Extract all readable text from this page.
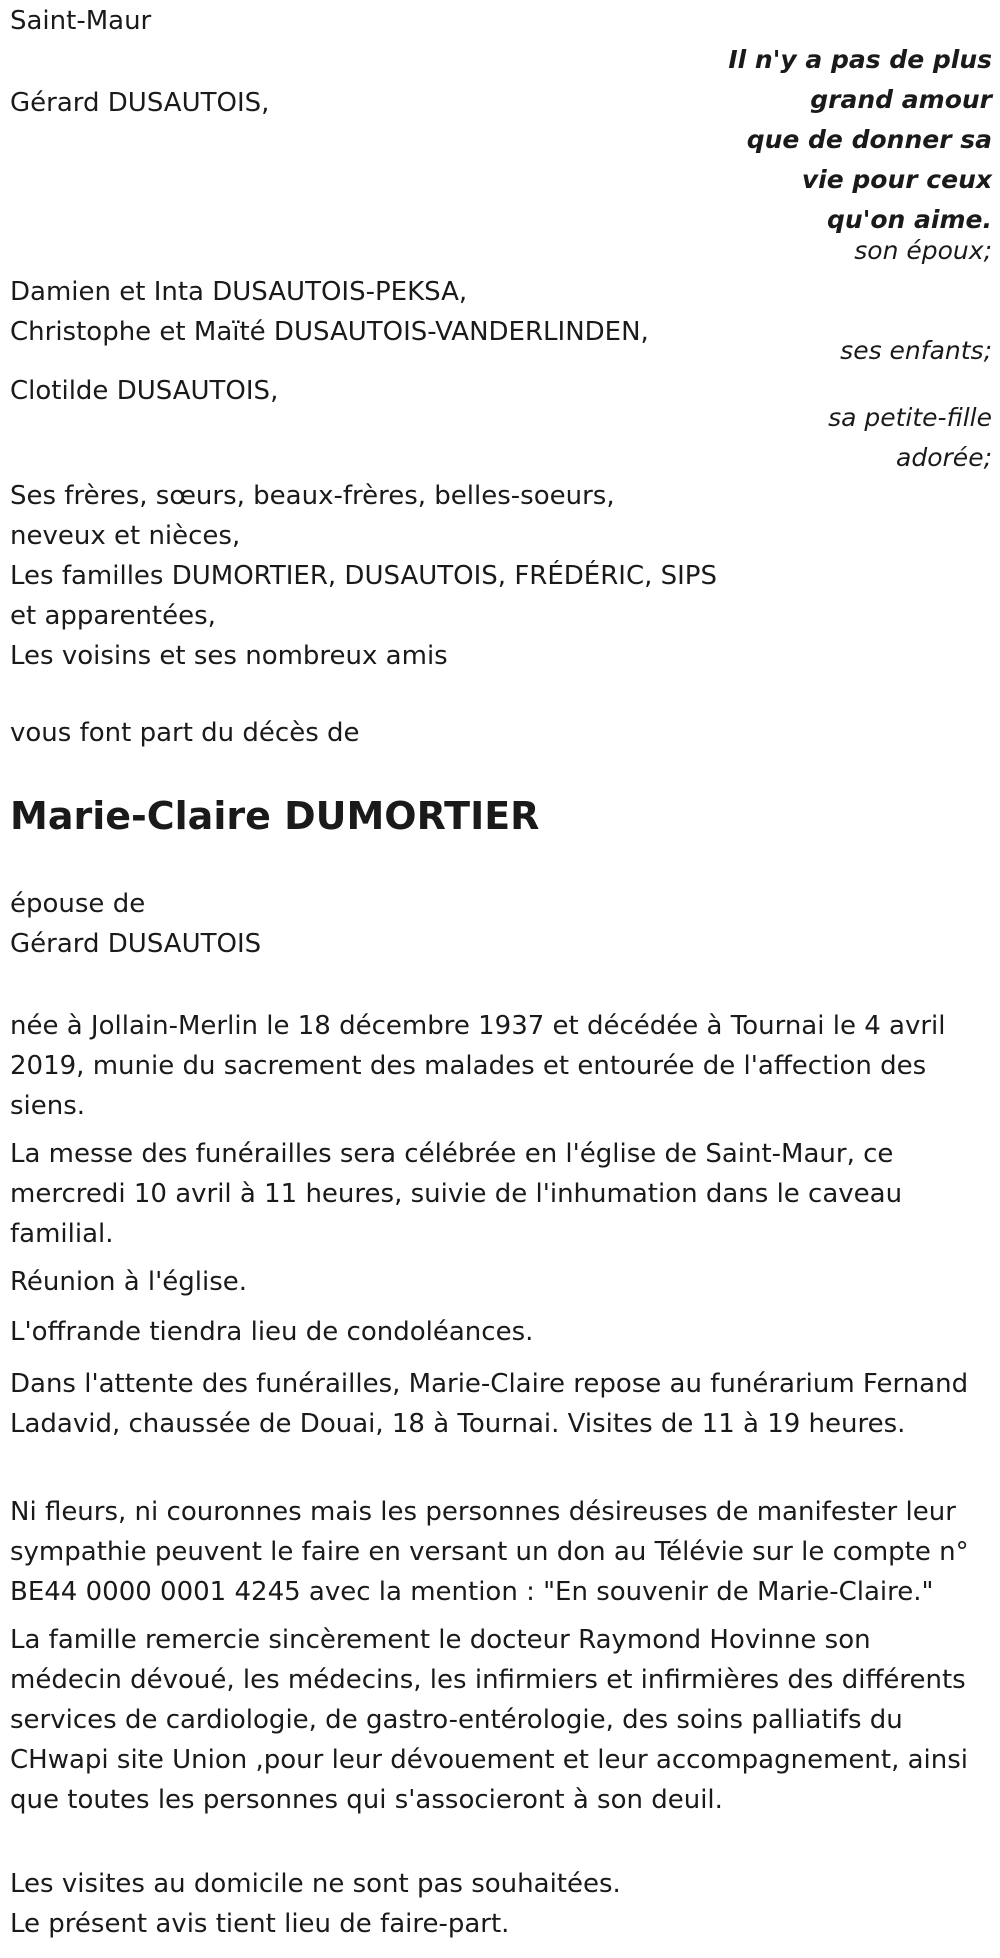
Saint-Maur

Il n'y a pas de plus
grand amour
que de donner sa
vie pour ceux
qu'on aime.

Gérard DUSAUTOIS,

son époux;

Damien et Inta DUSAUTOIS-PEKSA,
Christophe et Maïté DUSAUTOIS-VANDERLINDEN,

ses enfants;

Clotilde DUSAUTOIS,

sa petite-fille
adorée;
Ses frères, sœurs, beaux-frères, belles-soeurs,
neveux et nièces,
Les familles DUMORTIER, DUSAUTOIS, FRÉDÉRIC, SIPS
et apparentées,
Les voisins et ses nombreux amis

vous font part du décès de

Marie-Claire DUMORTIER
épouse de
Gérard DUSAUTOIS

née à Jollain-Merlin le 18 décembre 1937 et décédée à Tournai le 4 avril 2019, munie du sacrement des malades et entourée de l'affection des siens.

La messe des funérailles sera célébrée en l'église de Saint-Maur, ce mercredi 10 avril à 11 heures, suivie de l'inhumation dans le caveau familial.

Réunion à l'église.

L'offrande tiendra lieu de condoléances.

Dans l'attente des funérailles, Marie-Claire repose au funérarium Fernand Ladavid, chaussée de Douai, 18 à Tournai. Visites de 11 à 19 heures.

Ni fleurs, ni couronnes mais les personnes désireuses de manifester leur sympathie peuvent le faire en versant un don au Télévie sur le compte n° BE44 0000 0001 4245 avec la mention : "En souvenir de Marie-Claire."

La famille remercie sincèrement le docteur Raymond Hovinne son médecin dévoué, les médecins, les infirmiers et infirmières des différents services de cardiologie, de gastro-entérologie, des soins palliatifs du CHwapi site Union ,pour leur dévouement et leur accompagnement, ainsi que toutes les personnes qui s'associeront à son deuil.

Les visites au domicile ne sont pas souhaitées.
Le présent avis tient lieu de faire-part.
